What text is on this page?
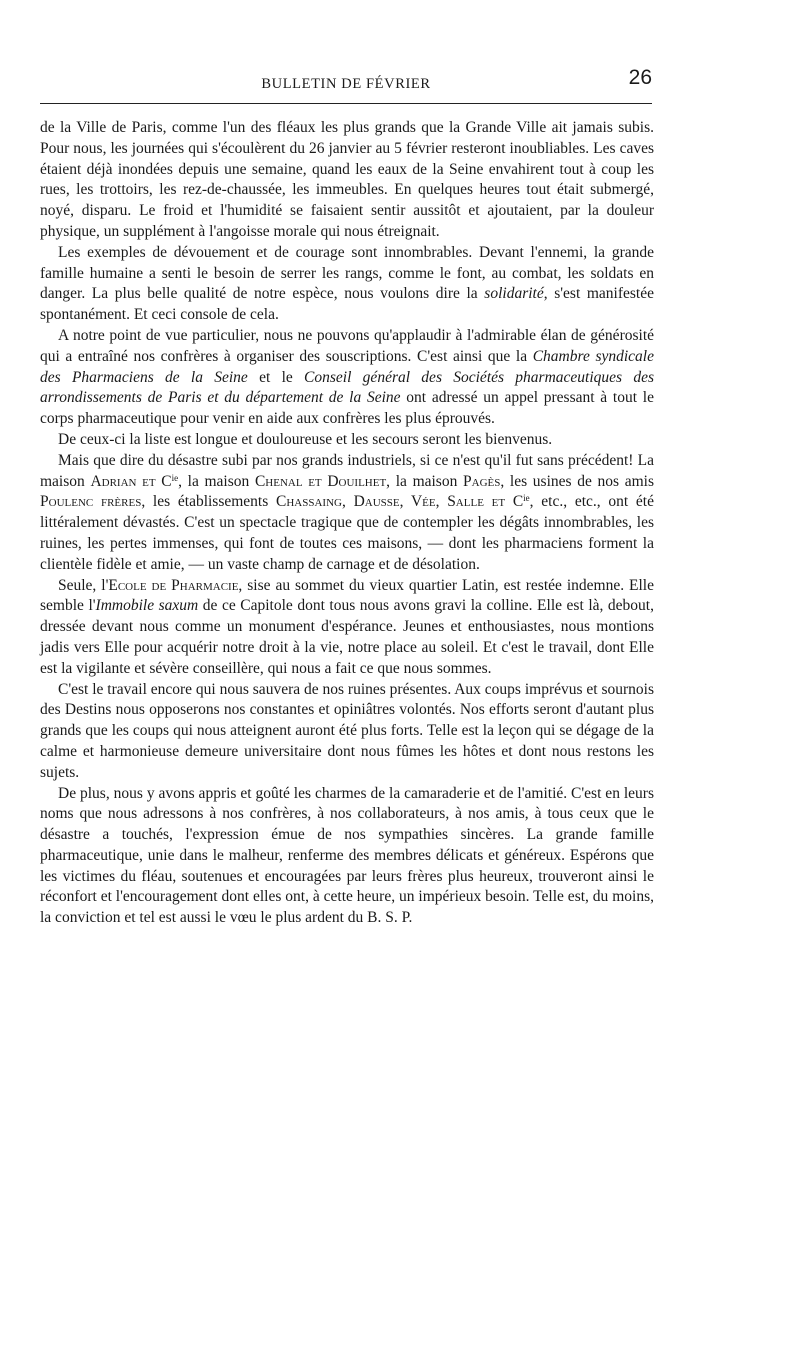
BULLETIN DE FÉVRIER	26

de la Ville de Paris, comme l'un des fléaux les plus grands que la Grande Ville ait jamais subis. Pour nous, les journées qui s'écoulèrent du 26 janvier au 5 février resteront inoubliables. Les caves étaient déjà inondées depuis une semaine, quand les eaux de la Seine envahirent tout à coup les rues, les trottoirs, les rez-de-chaussée, les immeubles. En quelques heures tout était submergé, noyé, disparu. Le froid et l'humidité se faisaient sentir aussitôt et ajoutaient, par la douleur physique, un supplément à l'angoisse morale qui nous étreignait.

Les exemples de dévouement et de courage sont innombrables. Devant l'ennemi, la grande famille humaine a senti le besoin de serrer les rangs, comme le font, au combat, les soldats en danger. La plus belle qualité de notre espèce, nous voulons dire la solidarité, s'est manifestée spontanément. Et ceci console de cela.

A notre point de vue particulier, nous ne pouvons qu'applaudir à l'admirable élan de générosité qui a entraîné nos confrères à organiser des souscriptions. C'est ainsi que la Chambre syndicale des Pharmaciens de la Seine et le Conseil général des Sociétés pharmaceutiques des arrondissements de Paris et du département de la Seine ont adressé un appel pressant à tout le corps pharmaceutique pour venir en aide aux confrères les plus éprouvés.

De ceux-ci la liste est longue et douloureuse et les secours seront les bienvenus.

Mais que dire du désastre subi par nos grands industriels, si ce n'est qu'il fut sans précédent! La maison Adrian et $C^{ie}$, la maison Chenal et Douilhet, la maison Pagès, les usines de nos amis Poulenc frères, les établissements Chassaing, Dausse, Vée, Salle et $C^{ie}$, etc., etc., ont été littéralement dévastés. C'est un spectacle tragique que de contempler les dégâts innombrables, les ruines, les pertes immenses, qui font de toutes ces maisons, — dont les pharmaciens forment la clientèle fidèle et amie, — un vaste champ de carnage et de désolation.

Seule, l'Ecole de Pharmacie, sise au sommet du vieux quartier Latin, est restée indemne. Elle semble l'Immobile saxum de ce Capitole dont tous nous avons gravi la colline. Elle est là, debout, dressée devant nous comme un monument d'espérance. Jeunes et enthousiastes, nous montions jadis vers Elle pour acquérir notre droit à la vie, notre place au soleil. Et c'est le travail, dont Elle est la vigilante et sévère conseillère, qui nous a fait ce que nous sommes.

C'est le travail encore qui nous sauvera de nos ruines présentes. Aux coups imprévus et sournois des Destins nous opposerons nos constantes et opiniâtres volontés. Nos efforts seront d'autant plus grands que les coups qui nous atteignent auront été plus forts. Telle est la leçon qui se dégage de la calme et harmonieuse demeure universitaire dont nous fûmes les hôtes et dont nous restons les sujets.

De plus, nous y avons appris et goûté les charmes de la camaraderie et de l'amitié. C'est en leurs noms que nous adressons à nos confrères, à nos collaborateurs, à nos amis, à tous ceux que le désastre a touchés, l'expression émue de nos sympathies sincères. La grande famille pharmaceutique, unie dans le malheur, renferme des membres délicats et généreux. Espérons que les victimes du fléau, soutenues et encouragées par leurs frères plus heureux, trouveront ainsi le réconfort et l'encouragement dont elles ont, à cette heure, un impérieux besoin. Telle est, du moins, la conviction et tel est aussi le vœu le plus ardent du B. S. P.
